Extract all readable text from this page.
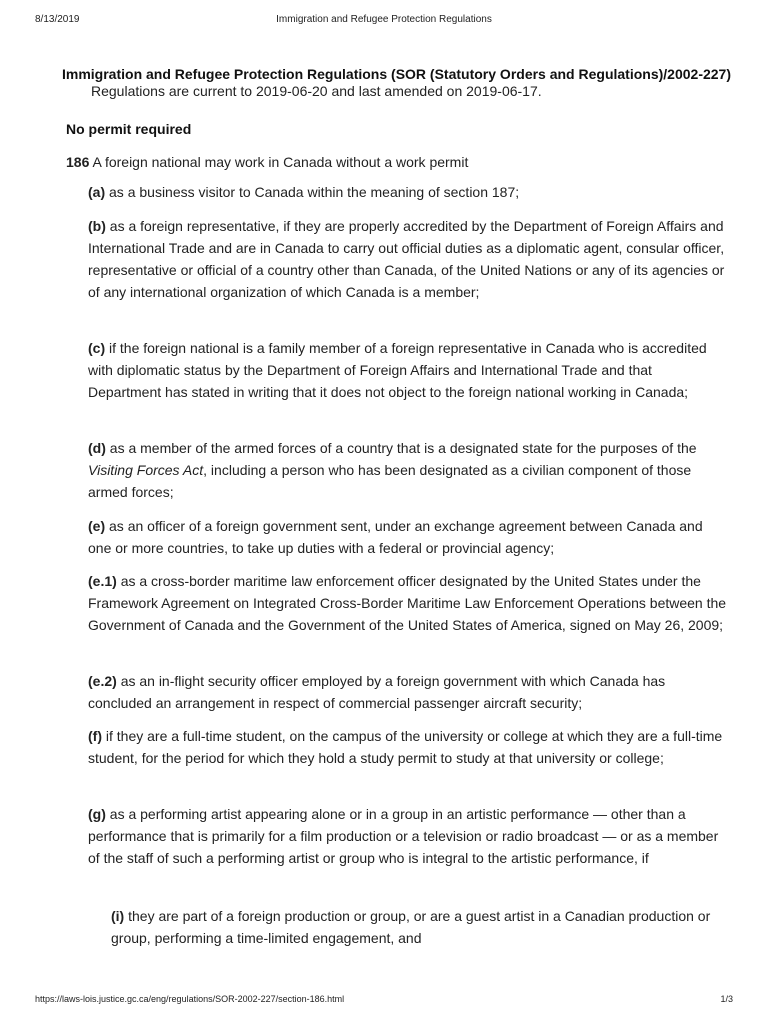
8/13/2019	Immigration and Refugee Protection Regulations
Immigration and Refugee Protection Regulations (SOR (Statutory Orders and Regulations)/2002-227)
Regulations are current to 2019-06-20 and last amended on 2019-06-17.
No permit required
186 A foreign national may work in Canada without a work permit
(a) as a business visitor to Canada within the meaning of section 187;
(b) as a foreign representative, if they are properly accredited by the Department of Foreign Affairs and International Trade and are in Canada to carry out official duties as a diplomatic agent, consular officer, representative or official of a country other than Canada, of the United Nations or any of its agencies or of any international organization of which Canada is a member;
(c) if the foreign national is a family member of a foreign representative in Canada who is accredited with diplomatic status by the Department of Foreign Affairs and International Trade and that Department has stated in writing that it does not object to the foreign national working in Canada;
(d) as a member of the armed forces of a country that is a designated state for the purposes of the Visiting Forces Act, including a person who has been designated as a civilian component of those armed forces;
(e) as an officer of a foreign government sent, under an exchange agreement between Canada and one or more countries, to take up duties with a federal or provincial agency;
(e.1) as a cross-border maritime law enforcement officer designated by the United States under the Framework Agreement on Integrated Cross-Border Maritime Law Enforcement Operations between the Government of Canada and the Government of the United States of America, signed on May 26, 2009;
(e.2) as an in-flight security officer employed by a foreign government with which Canada has concluded an arrangement in respect of commercial passenger aircraft security;
(f) if they are a full-time student, on the campus of the university or college at which they are a full-time student, for the period for which they hold a study permit to study at that university or college;
(g) as a performing artist appearing alone or in a group in an artistic performance — other than a performance that is primarily for a film production or a television or radio broadcast — or as a member of the staff of such a performing artist or group who is integral to the artistic performance, if
(i) they are part of a foreign production or group, or are a guest artist in a Canadian production or group, performing a time-limited engagement, and
https://laws-lois.justice.gc.ca/eng/regulations/SOR-2002-227/section-186.html	1/3
